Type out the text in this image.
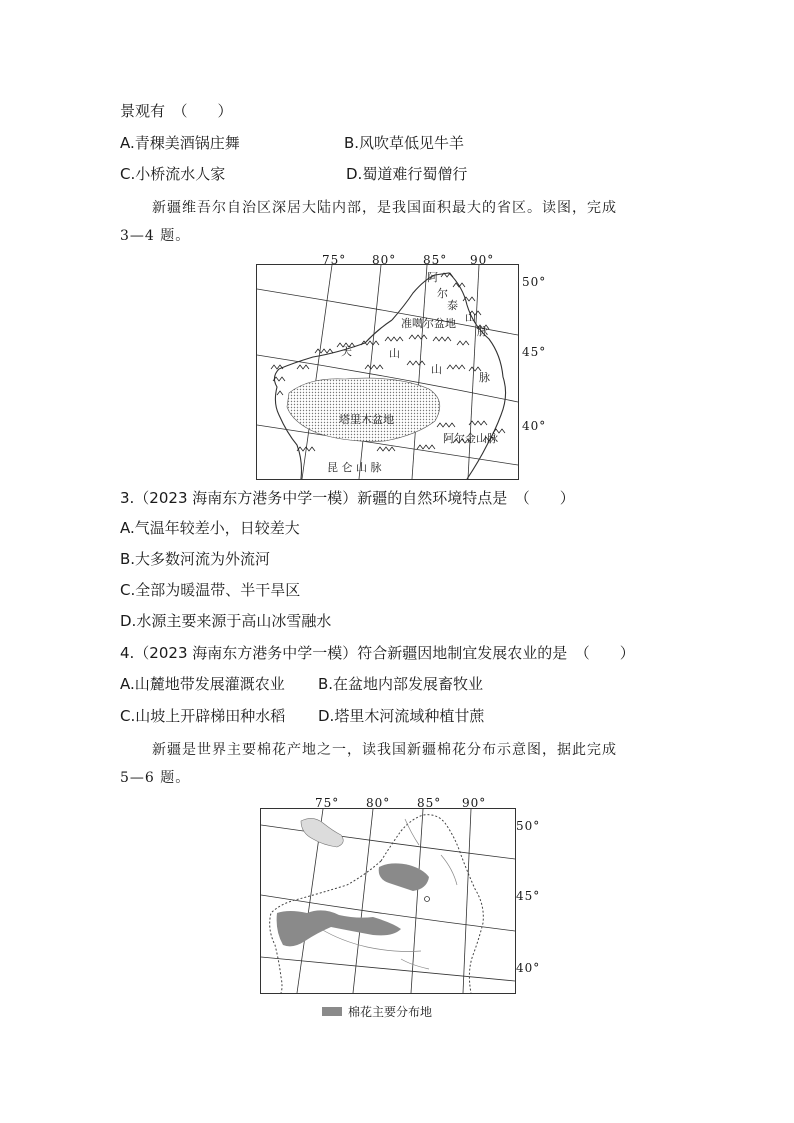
景观有　（　　）
A.青稞美酒锅庄舞	B.风吹草低见牛羊
C.小桥流水人家	D.蜀道难行蜀僧行
新疆维吾尔自治区深居大陆内部，是我国面积最大的省区。读图，完成
3—4 题。
阿
尔
泰
山
脉
准噶尔盆地
天	山
山
脉
塔里木盆地
阿尔金山脉
昆 仑 山 脉
75° 80° 85° 90°
50°
45°
40°
3.（2023 海南东方港务中学一模）新疆的自然环境特点是　（　　）
A.气温年较差小，日较差大
B.大多数河流为外流河
C.全部为暖温带、半干旱区
D.水源主要来源于高山冰雪融水
4.（2023 海南东方港务中学一模）符合新疆因地制宜发展农业的是　（　　）
A.山麓地带发展灌溉农业 B.在盆地内部发展畜牧业
C.山坡上开辟梯田种水稻 D.塔里木河流域种植甘蔗
新疆是世界主要棉花产地之一，读我国新疆棉花分布示意图，据此完成
5—6 题。
75° 80° 85° 90°
50°
45°
40°
棉花主要分布地
